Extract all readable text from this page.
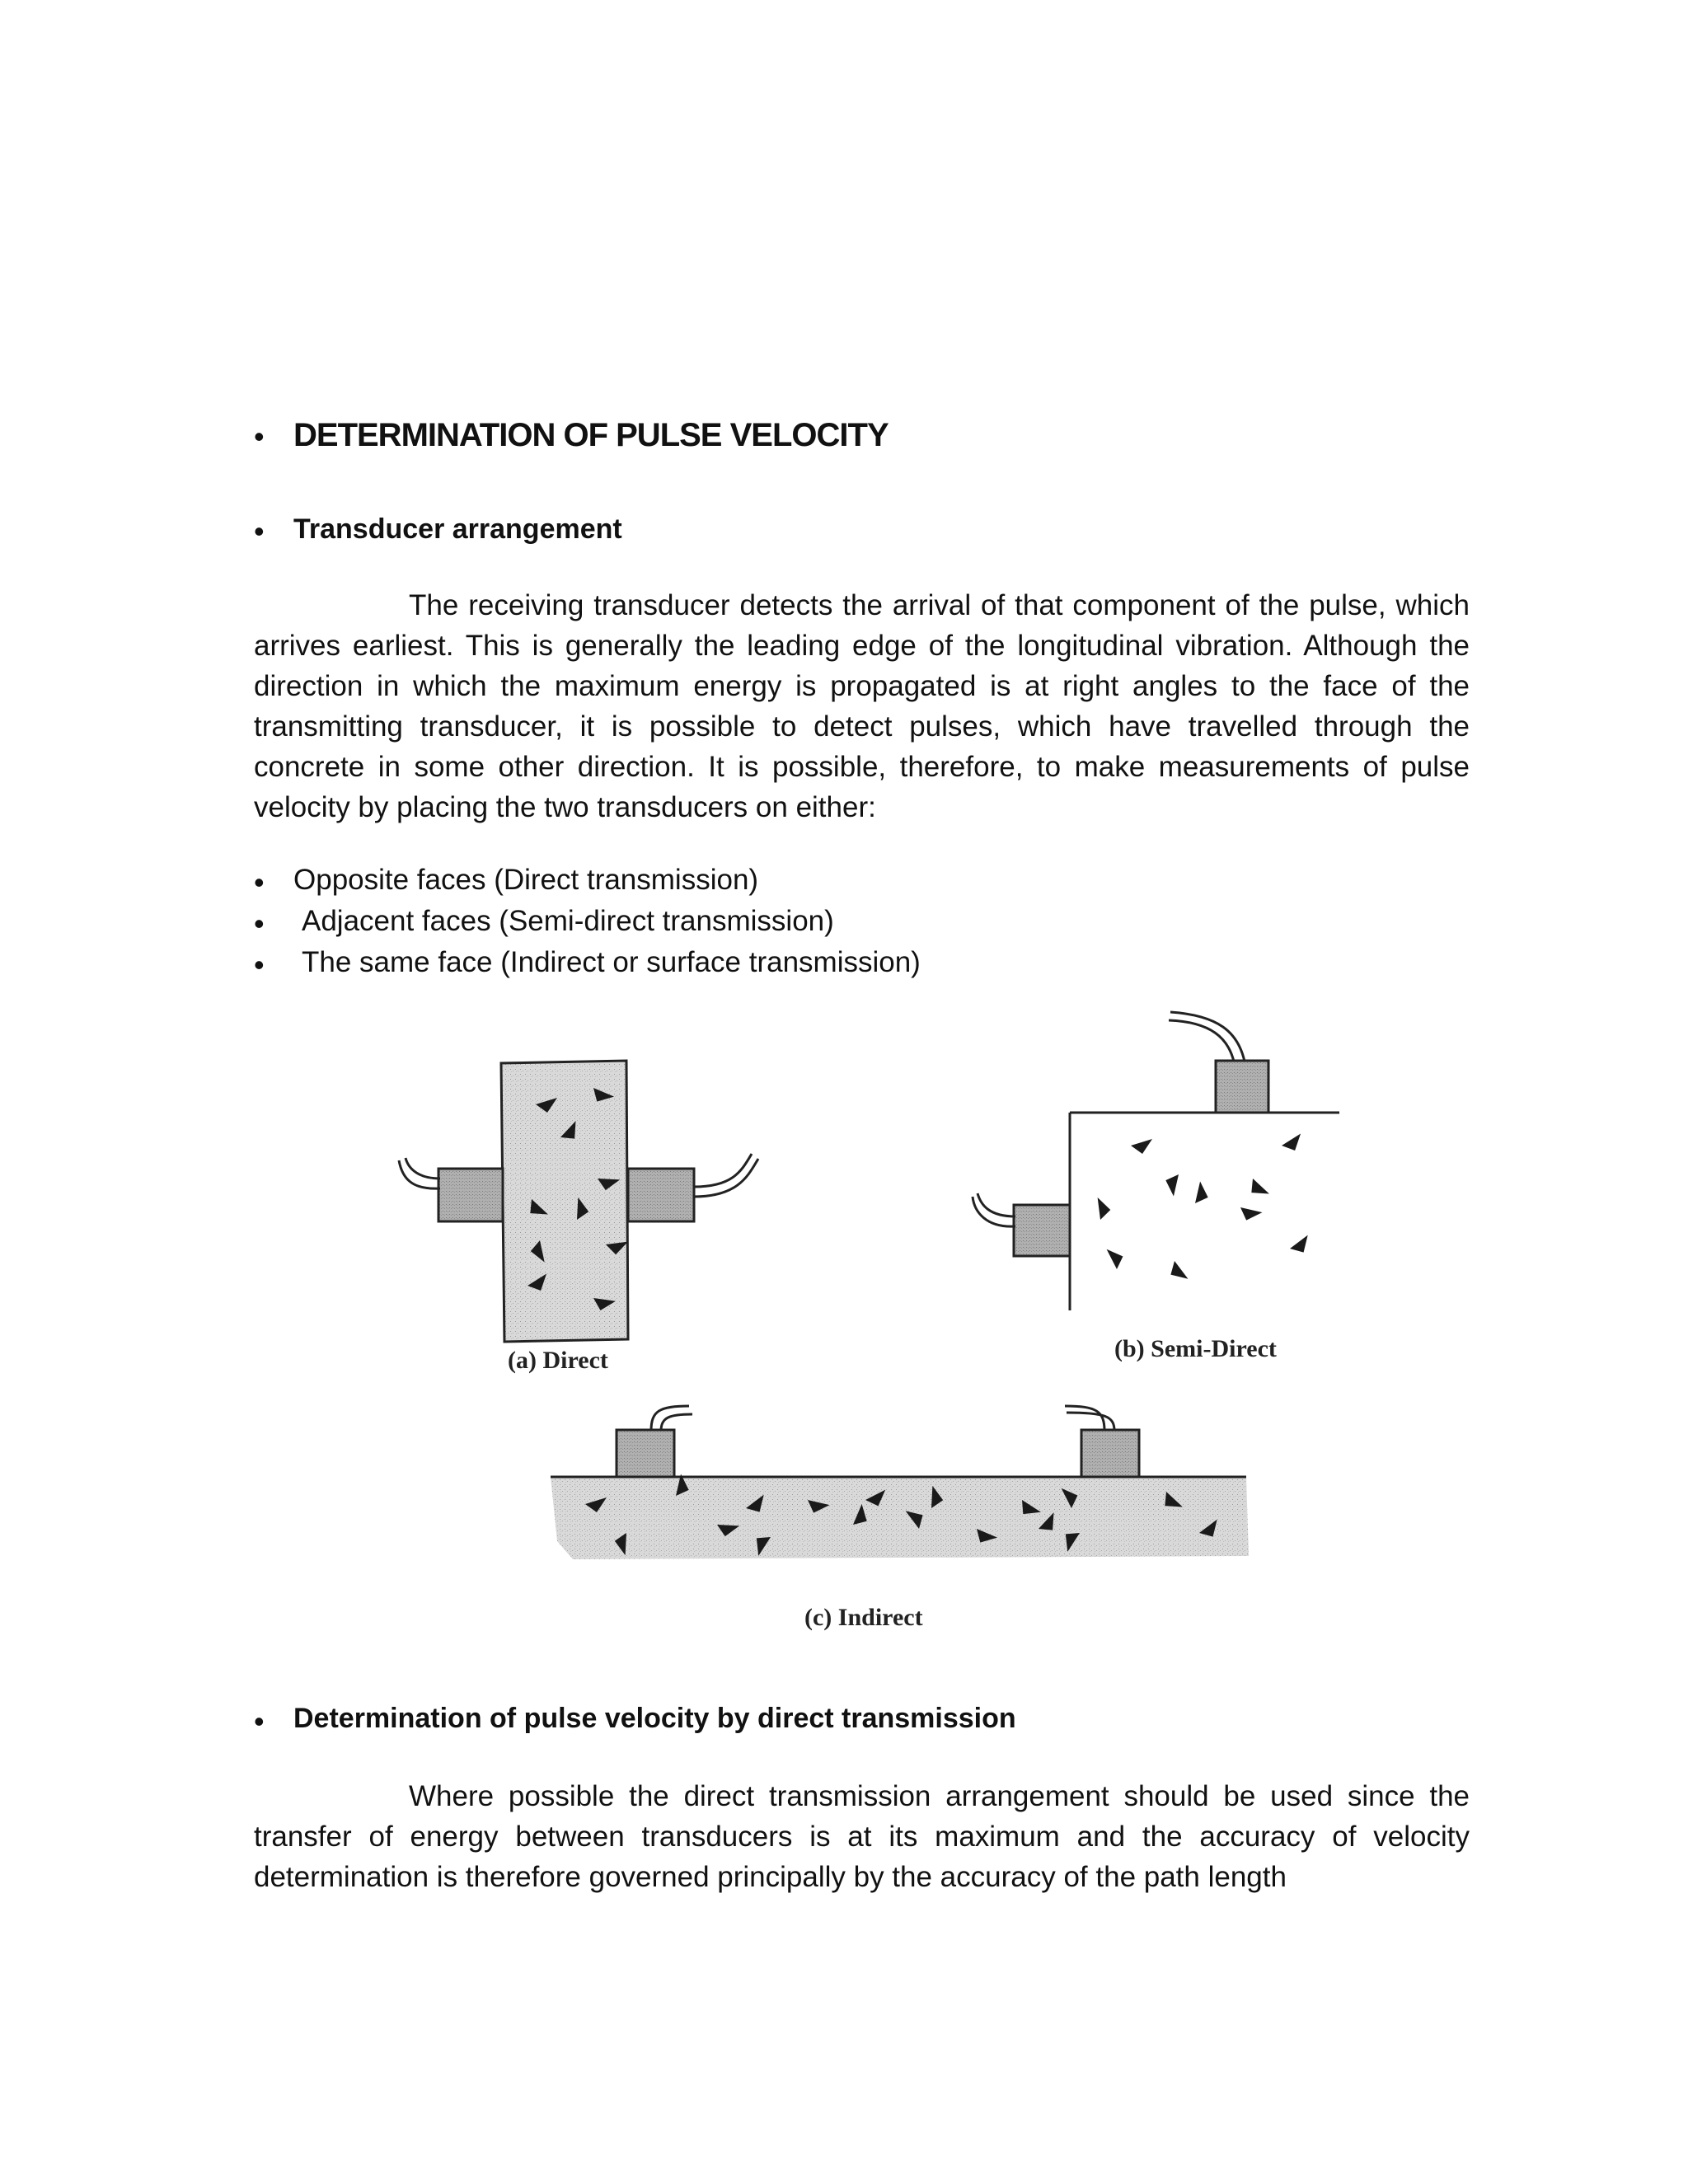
• DETERMINATION OF PULSE VELOCITY
• Transducer arrangement

The receiving transducer detects the arrival of that component of the pulse, which arrives earliest. This is generally the leading edge of the longitudinal vibration. Although the direction in which the maximum energy is propagated is at right angles to the face of the transmitting transducer, it is possible to detect pulses, which have travelled through the concrete in some other direction. It is possible, therefore, to make measurements of pulse velocity by placing the two transducers on either:

• Opposite faces (Direct transmission)
• Adjacent faces (Semi-direct transmission)
• The same face (Indirect or surface transmission)
(a) Direct	(b) Semi-Direct
(c) Indirect
• Determination of pulse velocity by direct transmission

Where possible the direct transmission arrangement should be used since the transfer of energy between transducers is at its maximum and the accuracy of velocity determination is therefore governed principally by the accuracy of the path length
